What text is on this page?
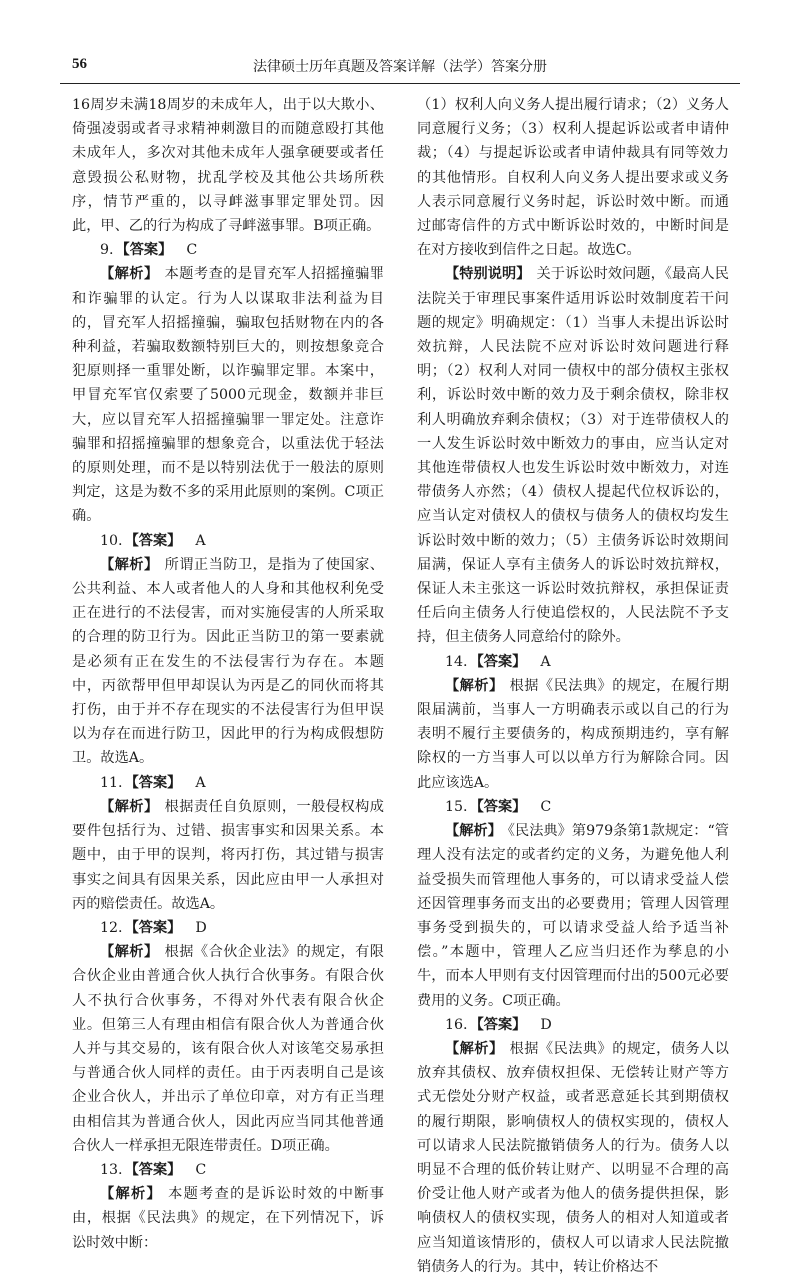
56	法律硕士历年真题及答案详解（法学）答案分册

16周岁未满18周岁的未成年人，出于以大欺小、倚强凌弱或者寻求精神刺激目的而随意殴打其他未成年人，多次对其他未成年人强拿硬要或者任意毁损公私财物，扰乱学校及其他公共场所秩序，情节严重的，以寻衅滋事罪定罪处罚。因此，甲、乙的行为构成了寻衅滋事罪。B项正确。

9. 【答案】 C

【解析】 本题考查的是冒充军人招摇撞骗罪和诈骗罪的认定。行为人以谋取非法利益为目的，冒充军人招摇撞骗，骗取包括财物在内的各种利益，若骗取数额特别巨大的，则按想象竞合犯原则择一重罪处断，以诈骗罪定罪。本案中，甲冒充军官仅索要了5000元现金，数额并非巨大，应以冒充军人招摇撞骗罪一罪定处。注意诈骗罪和招摇撞骗罪的想象竞合，以重法优于轻法的原则处理，而不是以特别法优于一般法的原则判定，这是为数不多的采用此原则的案例。C项正确。

10. 【答案】 A

【解析】 所谓正当防卫，是指为了使国家、公共利益、本人或者他人的人身和其他权利免受正在进行的不法侵害，而对实施侵害的人所采取的合理的防卫行为。因此正当防卫的第一要素就是必须有正在发生的不法侵害行为存在。本题中，丙欲帮甲但甲却误认为丙是乙的同伙而将其打伤，由于并不存在现实的不法侵害行为但甲误以为存在而进行防卫，因此甲的行为构成假想防卫。故选A。

11. 【答案】 A

【解析】 根据责任自负原则，一般侵权构成要件包括行为、过错、损害事实和因果关系。本题中，由于甲的误判，将丙打伤，其过错与损害事实之间具有因果关系，因此应由甲一人承担对丙的赔偿责任。故选A。

12. 【答案】 D

【解析】 根据《合伙企业法》的规定，有限合伙企业由普通合伙人执行合伙事务。有限合伙人不执行合伙事务，不得对外代表有限合伙企业。但第三人有理由相信有限合伙人为普通合伙人并与其交易的，该有限合伙人对该笔交易承担与普通合伙人同样的责任。由于丙表明自己是该企业合伙人，并出示了单位印章，对方有正当理由相信其为普通合伙人，因此丙应当同其他普通合伙人一样承担无限连带责任。D项正确。

13. 【答案】 C

【解析】 本题考查的是诉讼时效的中断事由，根据《民法典》的规定，在下列情况下，诉讼时效中断：

（1）权利人向义务人提出履行请求；（2）义务人同意履行义务；（3）权利人提起诉讼或者申请仲裁；（4）与提起诉讼或者申请仲裁具有同等效力的其他情形。自权利人向义务人提出要求或义务人表示同意履行义务时起，诉讼时效中断。而通过邮寄信件的方式中断诉讼时效的，中断时间是在对方接收到信件之日起。故选C。

【特别说明】 关于诉讼时效问题，《最高人民法院关于审理民事案件适用诉讼时效制度若干问题的规定》明确规定：（1）当事人未提出诉讼时效抗辩，人民法院不应对诉讼时效问题进行释明；（2）权利人对同一债权中的部分债权主张权利，诉讼时效中断的效力及于剩余债权，除非权利人明确放弃剩余债权；（3）对于连带债权人的一人发生诉讼时效中断效力的事由，应当认定对其他连带债权人也发生诉讼时效中断效力，对连带债务人亦然；（4）债权人提起代位权诉讼的，应当认定对债权人的债权与债务人的债权均发生诉讼时效中断的效力；（5）主债务诉讼时效期间届满，保证人享有主债务人的诉讼时效抗辩权，保证人未主张这一诉讼时效抗辩权，承担保证责任后向主债务人行使追偿权的，人民法院不予支持，但主债务人同意给付的除外。

14. 【答案】 A

【解析】 根据《民法典》的规定，在履行期限届满前，当事人一方明确表示或以自己的行为表明不履行主要债务的，构成预期违约，享有解除权的一方当事人可以以单方行为解除合同。因此应该选A。

15. 【答案】 C

【解析】 《民法典》第979条第1款规定：“管理人没有法定的或者约定的义务，为避免他人利益受损失而管理他人事务的，可以请求受益人偿还因管理事务而支出的必要费用；管理人因管理事务受到损失的，可以请求受益人给予适当补偿。”本题中，管理人乙应当归还作为孳息的小牛，而本人甲则有支付因管理而付出的500元必要费用的义务。C项正确。

16. 【答案】 D

【解析】 根据《民法典》的规定，债务人以放弃其债权、放弃债权担保、无偿转让财产等方式无偿处分财产权益，或者恶意延长其到期债权的履行期限，影响债权人的债权实现的，债权人可以请求人民法院撤销债务人的行为。债务人以明显不合理的低价转让财产、以明显不合理的高价受让他人财产或者为他人的债务提供担保，影响债权人的债权实现，债务人的相对人知道或者应当知道该情形的，债权人可以请求人民法院撤销债务人的行为。其中，转让价格达不
